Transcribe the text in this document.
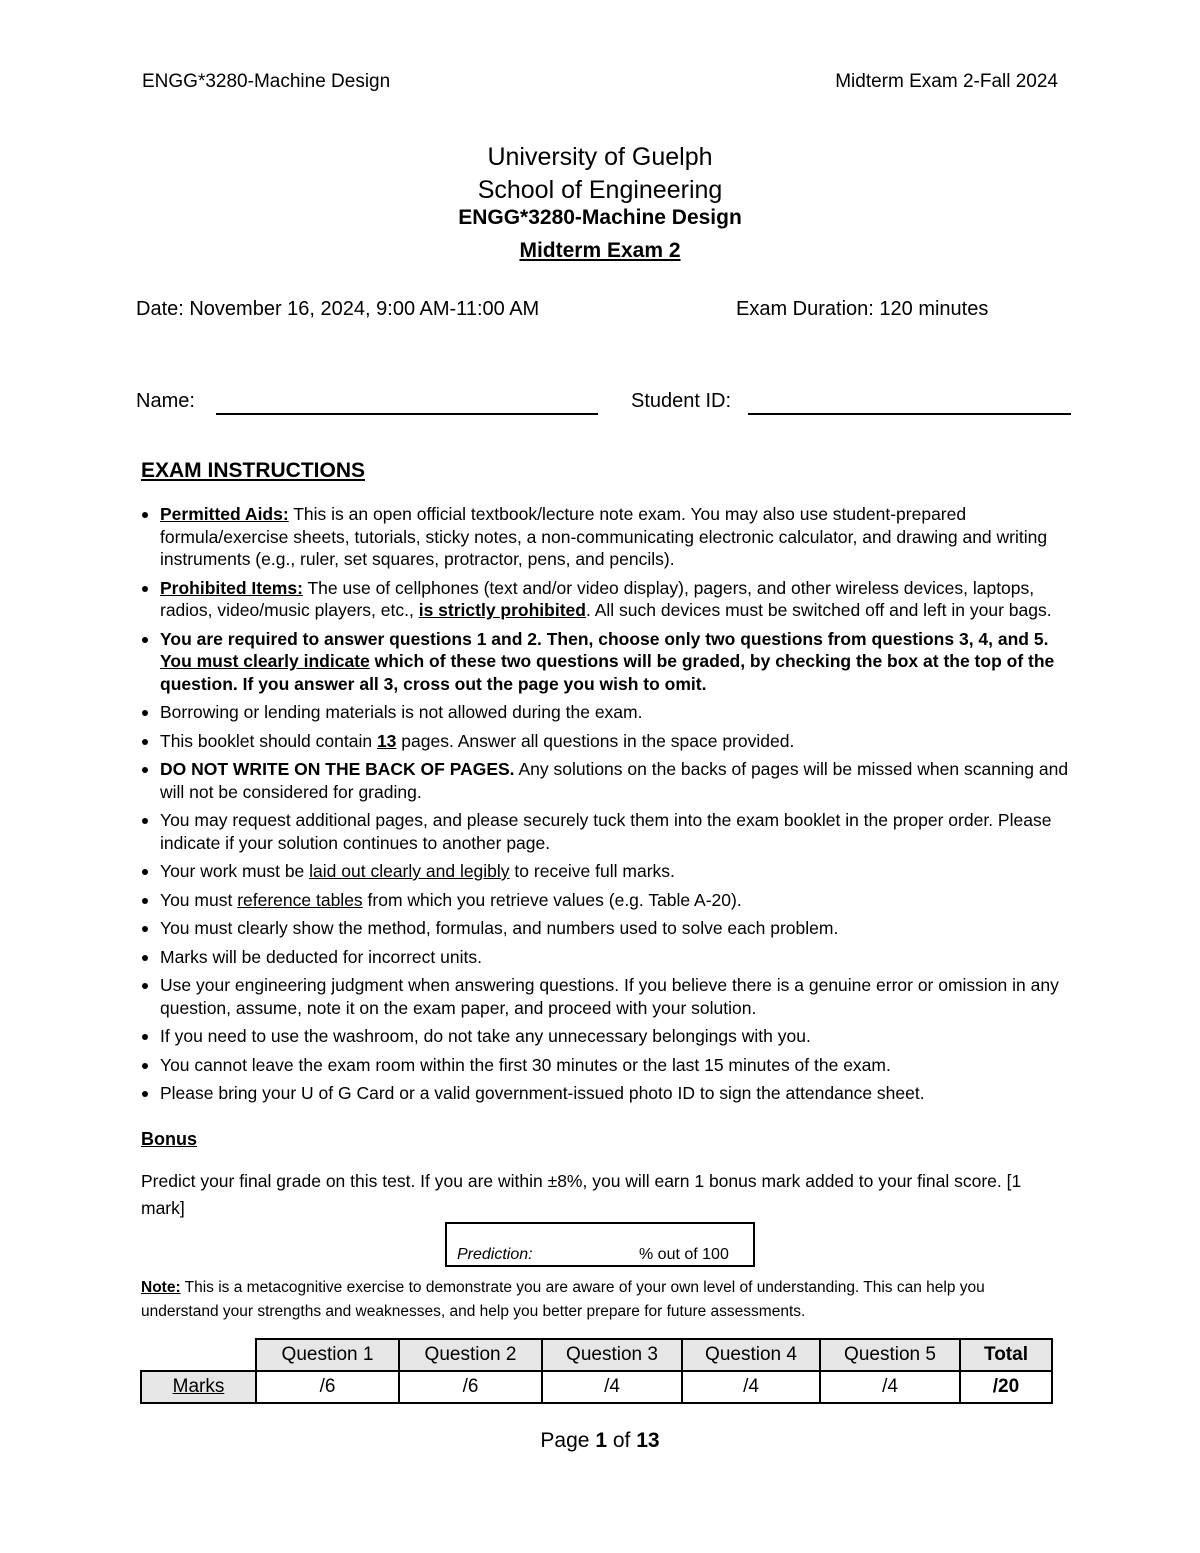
ENGG*3280-Machine Design	Midterm Exam 2-Fall 2024
University of Guelph
School of Engineering
ENGG*3280-Machine Design
Midterm Exam 2
Date: November 16, 2024, 9:00 AM-11:00 AM	Exam Duration: 120 minutes
Name:	Student ID:
EXAM INSTRUCTIONS
Permitted Aids: This is an open official textbook/lecture note exam. You may also use student-prepared formula/exercise sheets, tutorials, sticky notes, a non-communicating electronic calculator, and drawing and writing instruments (e.g., ruler, set squares, protractor, pens, and pencils).
Prohibited Items: The use of cellphones (text and/or video display), pagers, and other wireless devices, laptops, radios, video/music players, etc., is strictly prohibited. All such devices must be switched off and left in your bags.
You are required to answer questions 1 and 2. Then, choose only two questions from questions 3, 4, and 5. You must clearly indicate which of these two questions will be graded, by checking the box at the top of the question. If you answer all 3, cross out the page you wish to omit.
Borrowing or lending materials is not allowed during the exam.
This booklet should contain 13 pages. Answer all questions in the space provided.
DO NOT WRITE ON THE BACK OF PAGES. Any solutions on the backs of pages will be missed when scanning and will not be considered for grading.
You may request additional pages, and please securely tuck them into the exam booklet in the proper order. Please indicate if your solution continues to another page.
Your work must be laid out clearly and legibly to receive full marks.
You must reference tables from which you retrieve values (e.g. Table A-20).
You must clearly show the method, formulas, and numbers used to solve each problem.
Marks will be deducted for incorrect units.
Use your engineering judgment when answering questions. If you believe there is a genuine error or omission in any question, assume, note it on the exam paper, and proceed with your solution.
If you need to use the washroom, do not take any unnecessary belongings with you.
You cannot leave the exam room within the first 30 minutes or the last 15 minutes of the exam.
Please bring your U of G Card or a valid government-issued photo ID to sign the attendance sheet.
Bonus
Predict your final grade on this test. If you are within ±8%, you will earn 1 bonus mark added to your final score. [1 mark]
Prediction:	% out of 100
Note: This is a metacognitive exercise to demonstrate you are aware of your own level of understanding. This can help you understand your strengths and weaknesses, and help you better prepare for future assessments.
	Question 1	Question 2	Question 3	Question 4	Question 5	Total
Marks	/6	/6	/4	/4	/4	/20
Page 1 of 13
